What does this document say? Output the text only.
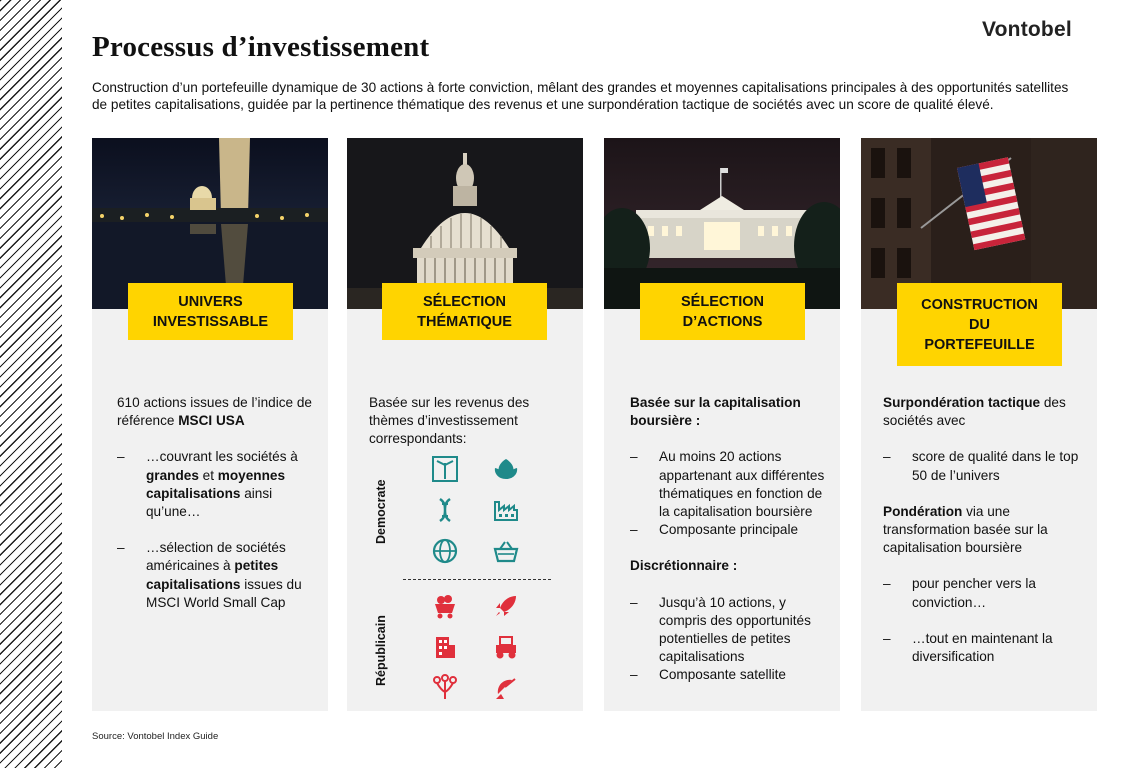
Processus d’investissement
Vontobel
Construction d’un portefeuille dynamique de 30 actions à forte conviction, mêlant des grandes et moyennes capitalisations principales à des opportunités satellites de petites capitalisations, guidée par la pertinence thématique des revenus et une surpondération tactique de sociétés avec un score de qualité élevé.
UNIVERS
INVESTISSABLE

610 actions issues de l’indice de référence MSCI USA

– …couvrant les sociétés à grandes et moyennes capitalisations ainsi qu’une…
– …sélection de sociétés américaines à petites capitalisations issues du MSCI World Small Cap
SÉLECTION
THÉMATIQUE
Basée sur les revenus des thèmes d’investissement correspondants:
Democrate
Républicain
SÉLECTION
D’ACTIONS

Basée sur la capitalisation boursière :

– Au moins 20 actions appartenant aux différentes thématiques en fonction de la capitalisation boursière
– Composante principale

Discrétionnaire :

– Jusqu’à 10 actions, y compris des opportunités potentielles de petites capitalisations
– Composante satellite
CONSTRUCTION
DU
PORTEFEUILLE

Surpondération tactique des sociétés avec

– score de qualité dans le top 50 de l’univers

Pondération via une transformation basée sur la capitalisation boursière

– pour pencher vers la conviction…
– …tout en maintenant la diversification
Source: Vontobel Index Guide
